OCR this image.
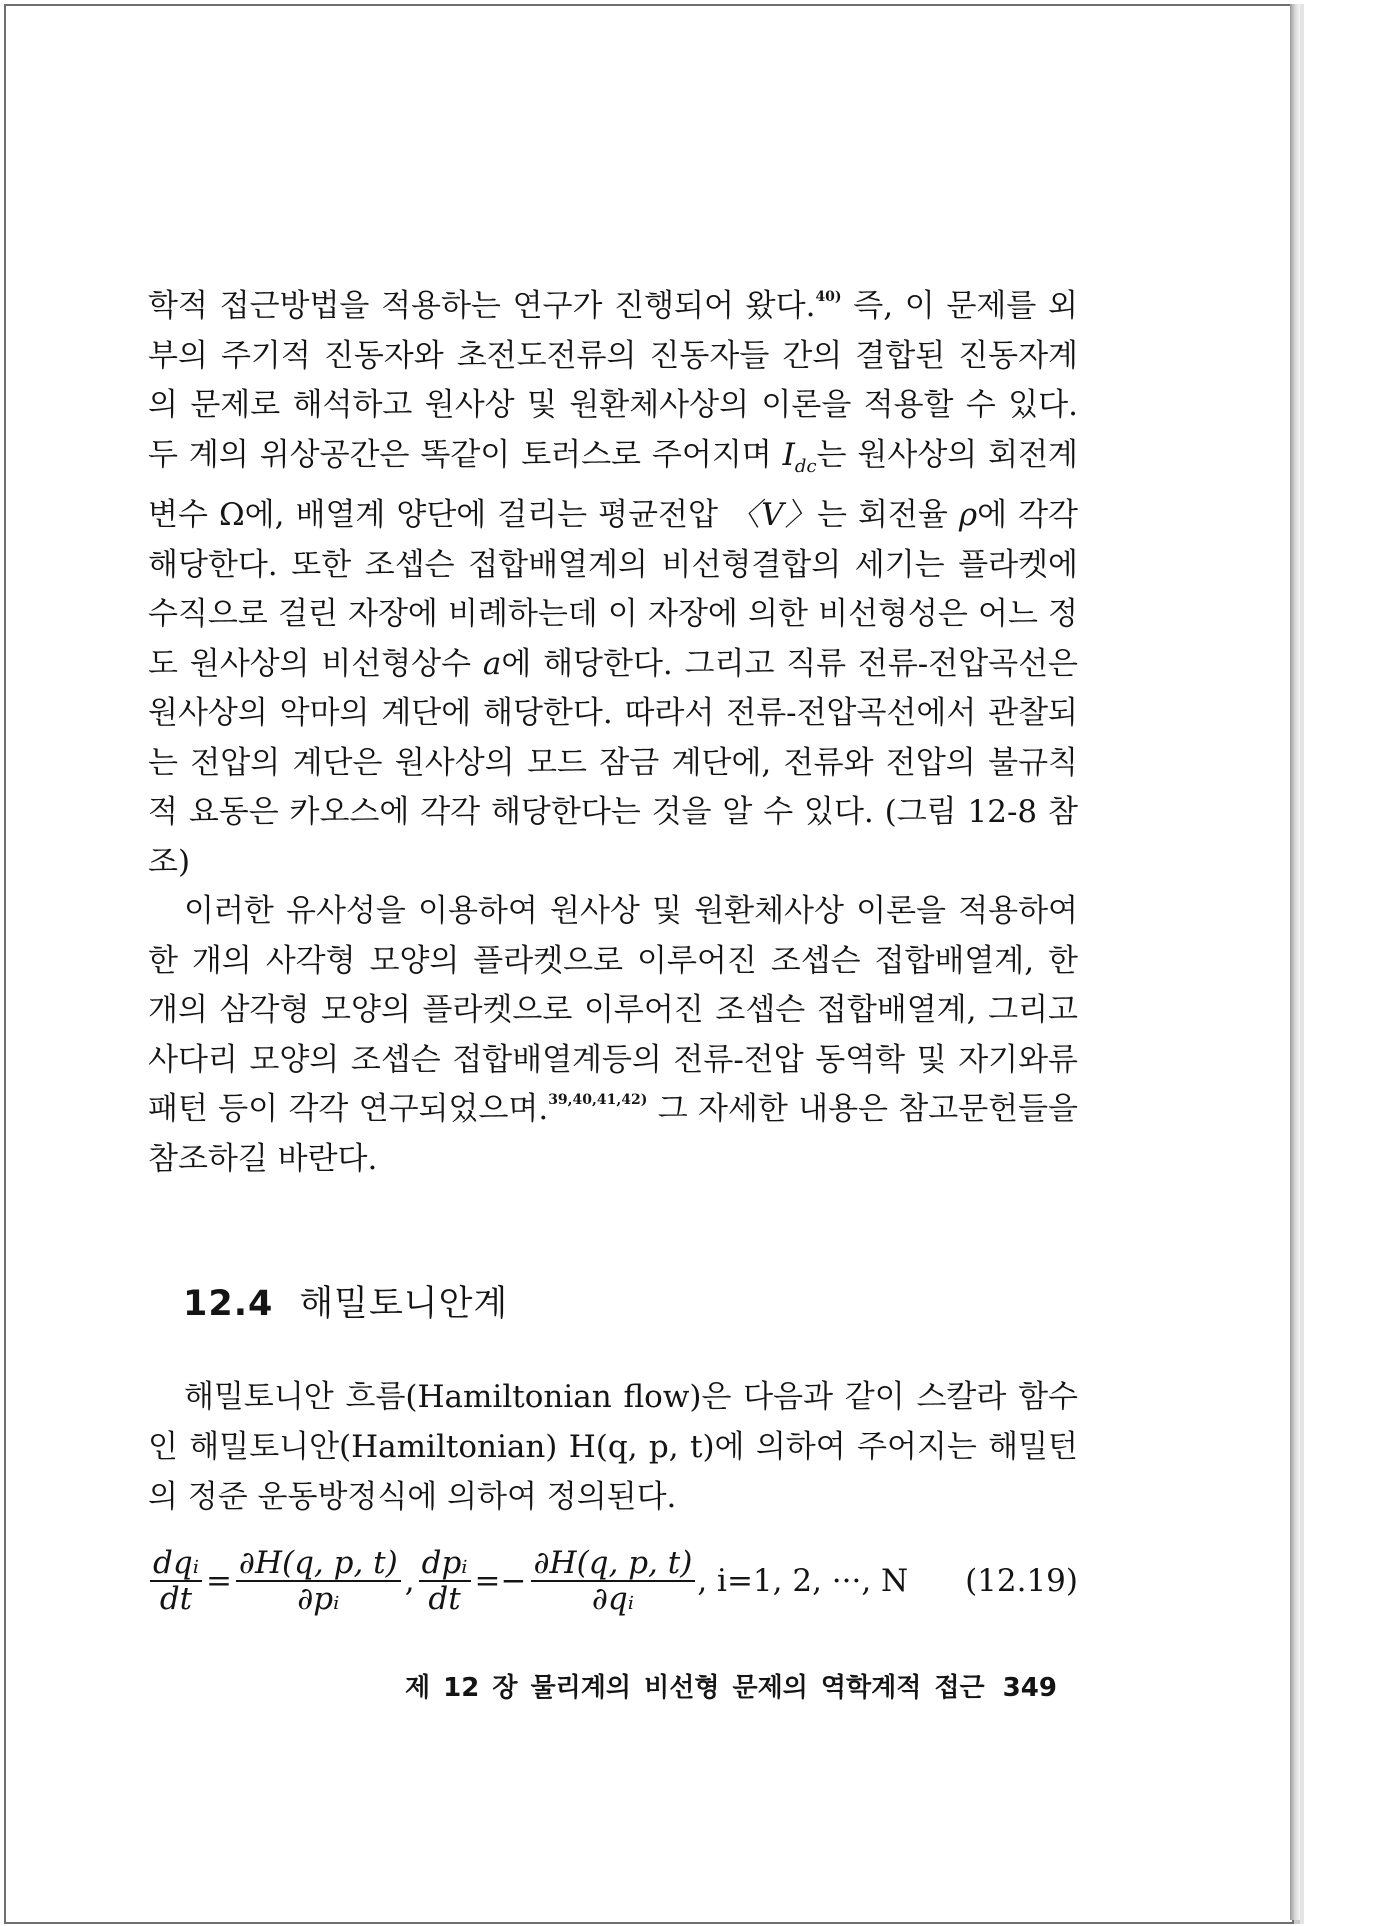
학적 접근방법을 적용하는 연구가 진행되어 왔다.$^{40)}$ 즉, 이 문제를 외부의 주기적 진동자와 초전도전류의 진동자들 간의 결합된 진동자계의 문제로 해석하고 원사상 및 원환체사상의 이론을 적용할 수 있다. 두 계의 위상공간은 똑같이 토러스로 주어지며 $I_{dc}$는 원사상의 회전계변수 Ω에, 배열계 양단에 걸리는 평균전압 〈V〉는 회전율 ρ에 각각 해당한다. 또한 조셉슨 접합배열계의 비선형결합의 세기는 플라켓에 수직으로 걸린 자장에 비례하는데 이 자장에 의한 비선형성은 어느 정도 원사상의 비선형상수 a에 해당한다. 그리고 직류 전류-전압곡선은 원사상의 악마의 계단에 해당한다. 따라서 전류-전압곡선에서 관찰되는 전압의 계단은 원사상의 모드 잠금 계단에, 전류와 전압의 불규칙적 요동은 카오스에 각각 해당한다는 것을 알 수 있다. (그림 12-8 참조)

이러한 유사성을 이용하여 원사상 및 원환체사상 이론을 적용하여 한 개의 사각형 모양의 플라켓으로 이루어진 조셉슨 접합배열계, 한 개의 삼각형 모양의 플라켓으로 이루어진 조셉슨 접합배열계, 그리고 사다리 모양의 조셉슨 접합배열계등의 전류-전압 동역학 및 자기와류패턴 등이 각각 연구되었으며.$^{39,40,41,42)}$ 그 자세한 내용은 참고문헌들을 참조하길 바란다.

12.4 해밀토니안계

해밀토니안 흐름(Hamiltonian flow)은 다음과 같이 스칼라 함수인 해밀토니안(Hamiltonian) H(q, p, t)에 의하여 주어지는 해밀턴의 정준 운동방정식에 의하여 정의된다.

$\frac{\text{dqᵢ}}{dt} = \frac{\partial H(q, p, t)}{\text{∂pᵢ}}$ , $\frac{\text{dpᵢ}}{dt} =- \frac{\partial H(q, p, t)}{\text{∂qᵢ}}$ , i=1, 2, ···, N (12.19)
제 12 장 물리계의 비선형 문제의 역학계적 접근 349
